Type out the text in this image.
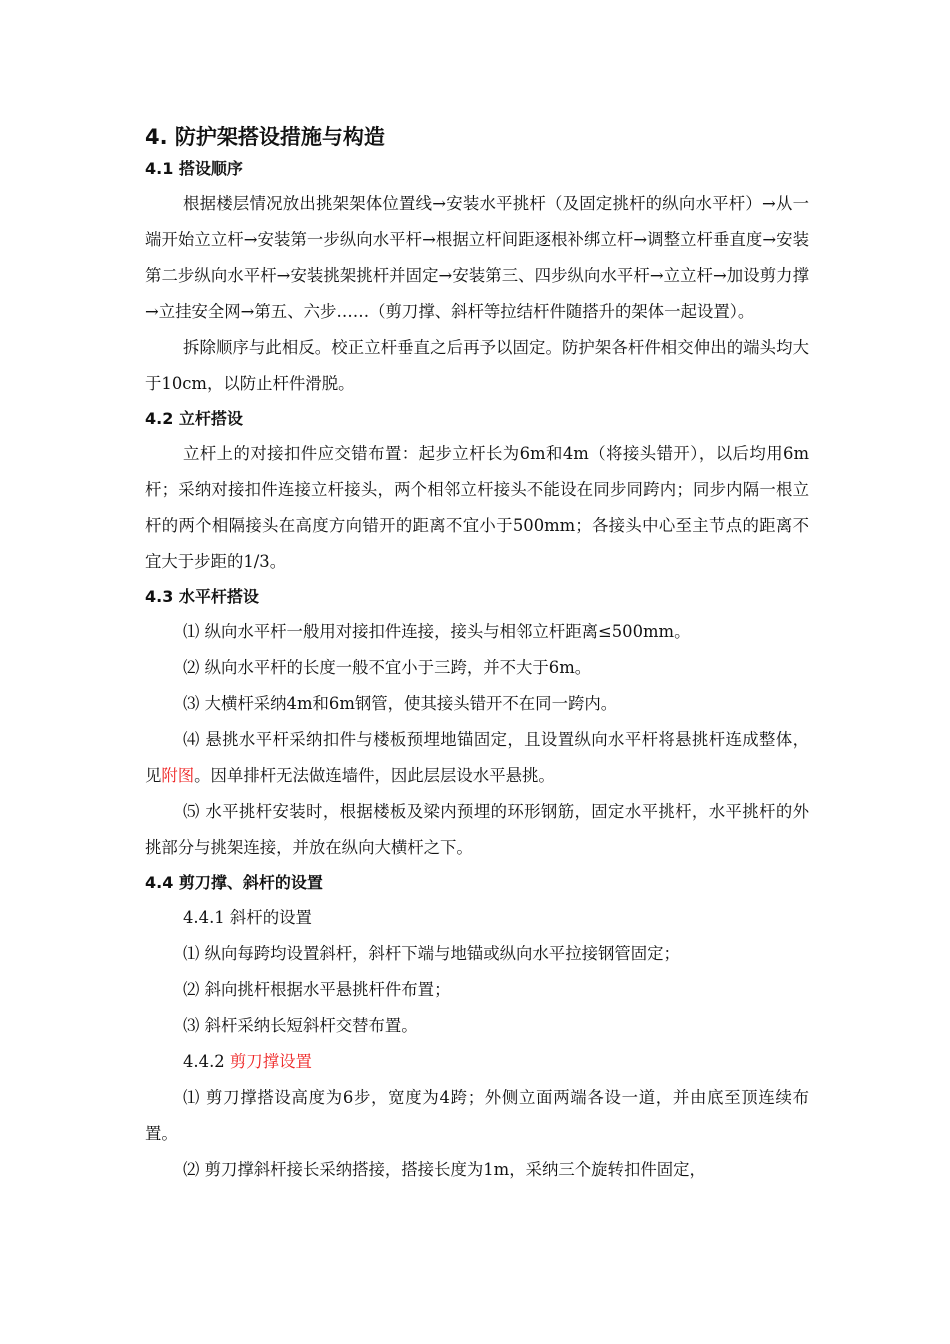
4. 防护架搭设措施与构造
4.1 搭设顺序

根据楼层情况放出挑架架体位置线→安装水平挑杆（及固定挑杆的纵向水平杆）→从一端开始立立杆→安装第一步纵向水平杆→根据立杆间距逐根补绑立杆→调整立杆垂直度→安装第二步纵向水平杆→安装挑架挑杆并固定→安装第三、四步纵向水平杆→立立杆→加设剪力撑→立挂安全网→第五、六步……（剪刀撑、斜杆等拉结杆件随搭升的架体一起设置）。

拆除顺序与此相反。校正立杆垂直之后再予以固定。防护架各杆件相交伸出的端头均大于10cm，以防止杆件滑脱。

4.2 立杆搭设

立杆上的对接扣件应交错布置：起步立杆长为6m和4m（将接头错开），以后均用6m杆；采纳对接扣件连接立杆接头，两个相邻立杆接头不能设在同步同跨内；同步内隔一根立杆的两个相隔接头在高度方向错开的距离不宜小于500mm；各接头中心至主节点的距离不宜大于步距的1/3。

4.3 水平杆搭设

⑴ 纵向水平杆一般用对接扣件连接，接头与相邻立杆距离≤500mm。

⑵ 纵向水平杆的长度一般不宜小于三跨，并不大于6m。

⑶ 大横杆采纳4m和6m钢管，使其接头错开不在同一跨内。

⑷ 悬挑水平杆采纳扣件与楼板预埋地锚固定，且设置纵向水平杆将悬挑杆连成整体，见附图。因单排杆无法做连墙件，因此层层设水平悬挑。

⑸ 水平挑杆安装时，根据楼板及梁内预埋的环形钢筋，固定水平挑杆，水平挑杆的外挑部分与挑架连接，并放在纵向大横杆之下。

4.4 剪刀撑、斜杆的设置
4.4.1 斜杆的设置

⑴ 纵向每跨均设置斜杆，斜杆下端与地锚或纵向水平拉接钢管固定；

⑵ 斜向挑杆根据水平悬挑杆件布置；

⑶ 斜杆采纳长短斜杆交替布置。

4.4.2 剪刀撑设置

⑴ 剪刀撑搭设高度为6步，宽度为4跨；外侧立面两端各设一道，并由底至顶连续布置。

⑵ 剪刀撑斜杆接长采纳搭接，搭接长度为1m，采纳三个旋转扣件固定，
